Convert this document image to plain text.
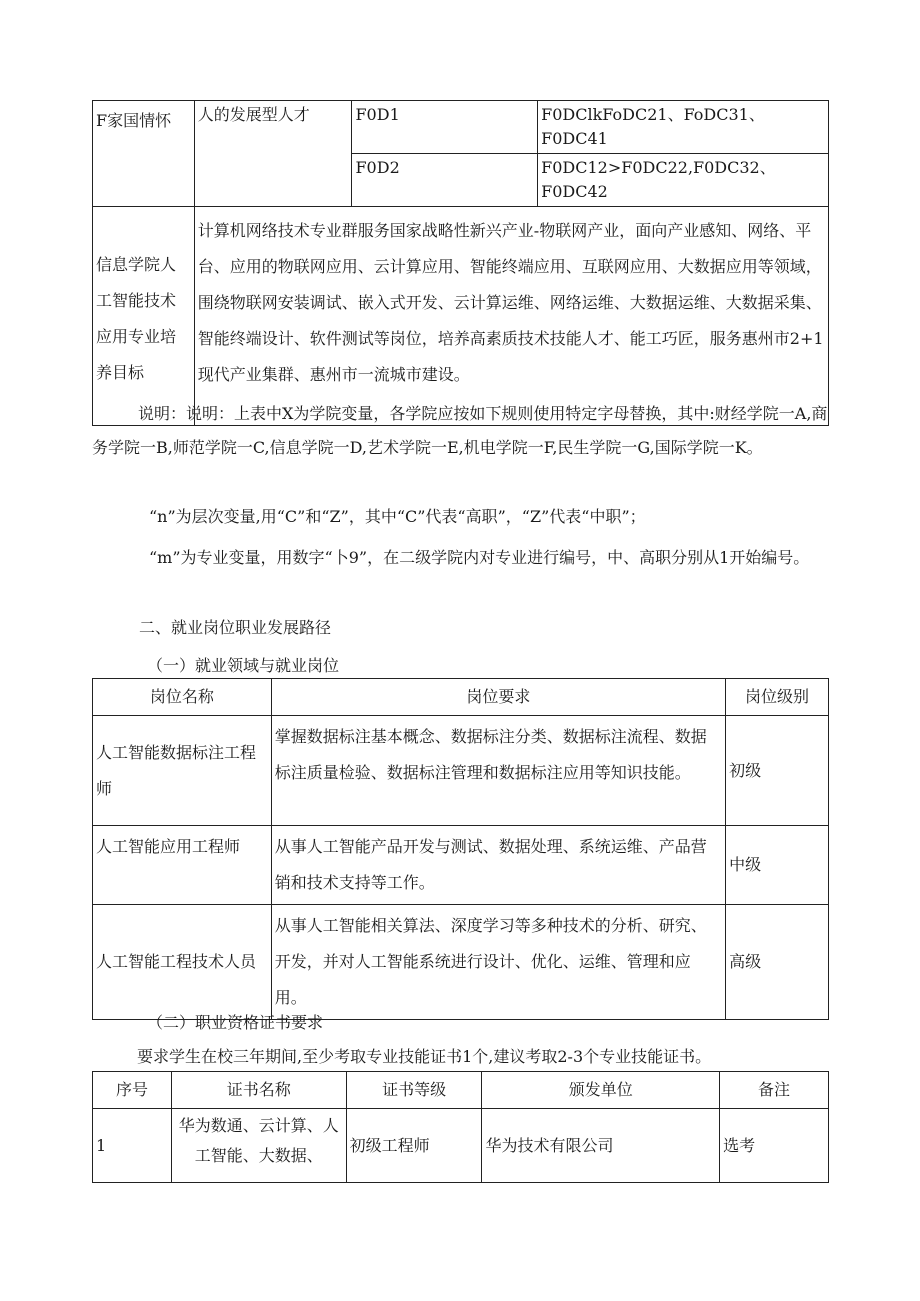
F家国情怀	人的发展型人才	F0D1	F0DClkFoDC21、FoDC31、F0DC41
		F0D2	F0DC12>F0DC22,F0DC32、F0DC42
信息学院人工智能技术应用专业培养目标	计算机网络技术专业群服务国家战略性新兴产业-物联网产业，面向产业感知、网络、平台、应用的物联网应用、云计算应用、智能终端应用、互联网应用、大数据应用等领域，围绕物联网安装调试、嵌入式开发、云计算运维、网络运维、大数据运维、大数据采集、智能终端设计、软件测试等岗位，培养高素质技术技能人才、能工巧匠，服务惠州市2+1现代产业集群、惠州市一流城市建设。		
说明：说明：上表中X为学院变量，各学院应按如下规则使用特定字母替换，其中:财经学院一A,商务学院一B,师范学院一C,信息学院一D,艺术学院一E,机电学院一F,民生学院一G,国际学院一K。
“n”为层次变量,用“C”和“Z”，其中“C”代表“高职”，“Z”代表“中职”；
“m”为专业变量，用数字“卜9”，在二级学院内对专业进行编号，中、高职分别从1开始编号。
二、就业岗位职业发展路径
（一）就业领域与就业岗位
岗位名称	岗位要求	岗位级别
人工智能数据标注工程师	掌握数据标注基本概念、数据标注分类、数据标注流程、数据标注质量检验、数据标注管理和数据标注应用等知识技能。	初级
人工智能应用工程师	从事人工智能产品开发与测试、数据处理、系统运维、产品营销和技术支持等工作。	中级
人工智能工程技术人员	从事人工智能相关算法、深度学习等多种技术的分析、研究、开发，并对人工智能系统进行设计、优化、运维、管理和应用。	高级
（二）职业资格证书要求
要求学生在校三年期间,至少考取专业技能证书1个,建议考取2-3个专业技能证书。
序号	证书名称	证书等级	颁发单位	备注
1	华为数通、云计算、人工智能、大数据、	初级工程师	华为技术有限公司	选考
